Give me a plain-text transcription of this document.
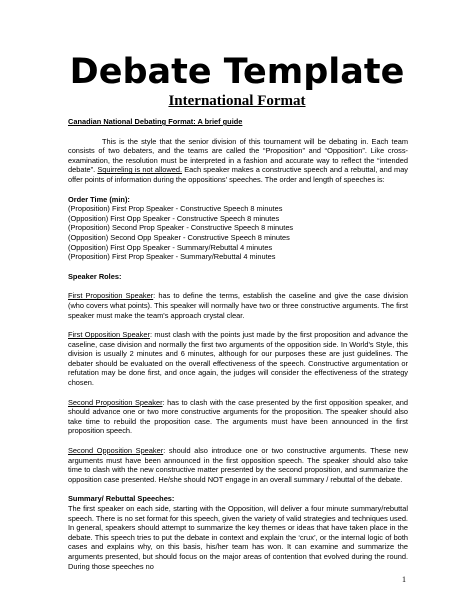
Debate Template
International Format

Canadian National Debating Format: A brief guide

This is the style that the senior division of this tournament will be debating in. Each team consists of two debaters, and the teams are called the “Proposition” and “Opposition”. Like cross-examination, the resolution must be interpreted in a fashion and accurate way to reflect the “intended debate”. Squirreling is not allowed. Each speaker makes a constructive speech and a rebuttal, and may offer points of information during the oppositions' speeches. The order and length of speeches is:

Order Time (min):

(Proposition) First Prop Speaker - Constructive Speech 8 minutes

(Opposition) First Opp Speaker - Constructive Speech 8 minutes

(Proposition) Second Prop Speaker - Constructive Speech 8 minutes

(Opposition) Second Opp Speaker - Constructive Speech 8 minutes

(Opposition) First Opp Speaker - Summary/Rebuttal 4 minutes

(Proposition) First Prop Speaker - Summary/Rebuttal 4 minutes

Speaker Roles:

First Proposition Speaker: has to define the terms, establish the caseline and give the case division (who covers what points). This speaker will normally have two or three constructive arguments. The first speaker must make the team's approach crystal clear.

First Opposition Speaker: must clash with the points just made by the first proposition and advance the caseline, case division and normally the first two arguments of the opposition side. In World's Style, this division is usually 2 minutes and 6 minutes, although for our purposes these are just guidelines. The debater should be evaluated on the overall effectiveness of the speech. Constructive argumentation or refutation may be done first, and once again, the judges will consider the effectiveness of the strategy chosen.

Second Proposition Speaker: has to clash with the case presented by the first opposition speaker, and should advance one or two more constructive arguments for the proposition. The speaker should also take time to rebuild the proposition case. The arguments must have been announced in the first proposition speech.

Second Opposition Speaker: should also introduce one or two constructive arguments. These new arguments must have been announced in the first opposition speech. The speaker should also take time to clash with the new constructive matter presented by the second proposition, and summarize the opposition case presented. He/she should NOT engage in an overall summary / rebuttal of the debate.

Summary/ Rebuttal Speeches:

The first speaker on each side, starting with the Opposition, will deliver a four minute summary/rebuttal speech. There is no set format for this speech, given the variety of valid strategies and techniques used. In general, speakers should attempt to summarize the key themes or ideas that have taken place in the debate. This speech tries to put the debate in context and explain the ‘crux’, or the internal logic of both cases and explains why, on this basis, his/her team has won. It can examine and summarize the arguments presented, but should focus on the major areas of contention that evolved during the round. During those speeches no

1
